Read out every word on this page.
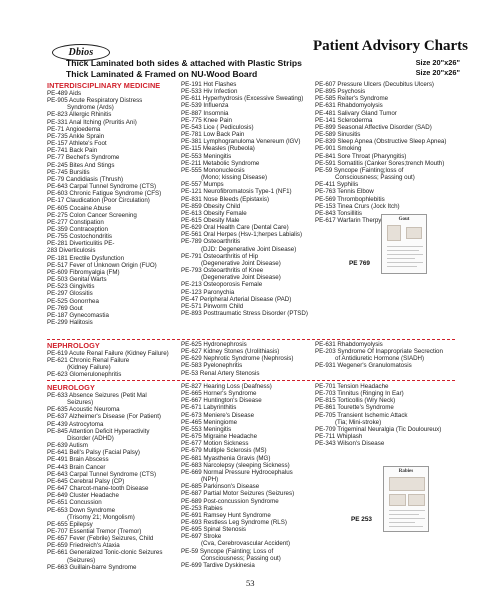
Dbios
Thick Laminated both sides & attached with Plastic Strips
Thick Laminated & Framed on NU-Wood Board
Patient Advisory Charts
Size 20"x26"
Size 20"x26"
INTERDISCIPLINARY MEDICINE
PE-489 Aids
PE-905 Acute Respiratory Distress
Syndrome (Ards)
PE-823 Allergic Rhinitis
PE-331 Anal Itching (Pruritis Ani)
PE-71 Angioedema
PE-735 Ankle Sprain
PE-157 Athlete's Foot
PE-741 Back Pain
PE-77 Bechet's Syndrome
PE-245 Bites And Stings
PE-745 Bursitis
PE-79 Candidiasis (Thrush)
PE-643 Carpal Tunnel Syndrome (CTS)
PE-603 Chronic Fatigue Syndrome (CFS)
PE-17 Claudication (Poor Circulation)
PE-605 Cocaine Abuse
PE-275 Colon Cancer Screening
PE-277 Constipation
PE-359 Contraception
PE-755 Costochondritis
PE-281 Diverticulitis PE-
283 Diverticulosis
PE-181 Erectile Dysfunction
PE-517 Fever of Unknown Origin (FUO)
PE-609 Fibromyalgia (FM)
PE-503 Genital Warts
PE-523 Gingivitis
PE-297 Glossitis
PE-525 Gonorrhea
PE-769 Gout
PE-187 Gynecomastia
PE-299 Halitosis
PE-191 Hot Flashes
PE-533 Hiv Infection
PE-611 Hyperhydrosis (Excessive Sweating)
PE-539 Influenza
PE-887 Insomnia
PE-775 Knee Pain
PE-543 Lice ( Pediculosis)
PE-781 Low Back Pain
PE-381 Lymphogranuloma Venereum (lGV)
PE-115 Measles (Rubeola)
PE-553 Meningitis
PE-211 Metabolic Syndrome
PE-555 Mononucleosis
(Mono; kissing Disease)
PE-557 Mumps
PE-121 Neurofibromatosis Type-1 (NF1)
PE-831 Nose Bleeds (Epistaxis)
PE-859 Obesity Child
PE-613 Obesity Female
PE-615 Obesity Male
PE-629 Oral Health Care (Dental Care)
PE-561 Oral Herpes (Hsv-1;herpes Labialis)
PE-789 Osteoarthritis
(DJD: Degenerative Joint Disease)
PE-791 Osteoarthritis of Hip
(Degenerative Joint Disease)
PE-793 Osteoarthritis of Knee
(Degenerative Joint Disease)
PE-213 Osteoporosis Female
PE-123 Paronychia
PE-47 Peripheral Arterial Disease (PAD)
PE-571 Pinworm Child
PE-893 Posttraumatic Stress Disorder (PTSD)
PE-607 Pressure Ulcers (Decubitus Ulcers)
PE-895 Psychosis
PE-585 Reiter's Syndrome
PE-631 Rhabdomyolysis
PE-481 Salivary Gland Tumor
PE-141 Scleroderma
PE-899 Seasonal Affective Disorder (SAD)
PE-589 Sinusitis
PE-839 Sleep Apnea (Obstructive Sleep Apnea)
PE-901 Smoking
PE-841 Sore Throat (Pharyngitis)
PE-591 Somatitis (Canker Sores;trench Mouth)
PE-59 Syncope (Fainting;loss of
Consciousness; Passing out)
PE-411 Syphilis
PE-763 Tennis Elbow
PE-569 Thrombophlebitis
PE-153 Tinea Crurs (Jock Itch)
PE-843 Tonsillitis
PE-617 Warfarin Therpy	Gout
PE 769
NEPHROLOGY
PE-619 Acute Renal Failure (Kidney Failure)
PE-621 Chronic Renal Failure
(Kidney Failure)
PE-623 Glomerulonephritis
PE-625 Hydronephrosis
PE-627 Kidney Stones (Urolithiasis)
PE-629 Nephrotic Syndrome (Nephrosis)
PE-583 Pyelonephritis
PE-53 Renal Artery Stenosis
PE-631 Rhabdomyolysis
PE-203 Syndrome Of Inappropriate Secrection
of Antidiuretic Hormone (SIADH)
PE-931 Wegener's Granulomatosis
NEUROLOGY
PE-633 Absence Seizures (Petit Mal
Seizures)
PE-635 Acoustic Neuroma
PE-637 Alzheimer's Disease (For Patient)
PE-439 Astrocytoma
PE-845 Attention Deficit Hyperactivity
Disorder (ADHD)
PE-639 Autism
PE-641 Bell's Palsy (Facial Palsy)
PE-491 Brain Abscess
PE-443 Brain Cancer
PE-643 Carpal Tunnel Syndrome (CTS)
PE-645 Cerebral Palsy (CP)
PE-647 Charcot-mane-tooth Disease
PE-649 Cluster Headache
PE-651 Concussion
PE-653 Down Syndrome
(Trisomy 21; Mongolism)
PE-655 Epilepsy
PE-707 Essential Tremor (Tremor)
PE-657 Fever (Febrile) Seizures, Child
PE-659 Friedreich's Ataxia
PE-661 Generalized Tonic-clonic Seizures
(Seizures)
PE-663 Guillain-barre Syndrome
PE-827 Hearing Loss (Deafness)
PE-665 Horner's Syndrome
PE-667 Huntington's Disease
PE-671 Labyrinthitis
PE-673 Meniere's Disease
PE-465 Meningiome
PE-553 Meningitis
PE-675 Migraine Headache
PE-677 Motion Sickness
PE-679 Multiple Sclerosis (MS)
PE-681 Myasthenia Gravis (MG)
PE-683 Narcolepsy (sleeping Sickness)
PE-669 Normal Pressure Hydrocephalus
(NPH)
PE-685 Parkinson's Disease
PE-687 Partial Motor Seizures (Seizures)
PE-689 Post-concussion Syndrome
PE-253 Rabies
PE-691 Ramsey Hunt Syndrome
PE-693 Restless Leg Syndrome (RLS)
PE-695 Spinal Stenosis
PE-697 Stroke
(Cva, Cerebrovascular Accident)
PE-59 Syncope (Fainting; Loss of
Consciousness; Passing out)
PE-699 Tardive Dyskinesia
PE-701 Tension Headache
PE-703 Tinnitus (Ringing In Ear)
PE-815 Torticollis (Wry Neck)
PE-861 Tourette's Syndrome
PE-705 Transient Ischemic Attack
(Tia; Mini-stroke)
PE-709 Trigeminal Neuralgia (Tic Douloureux)
PE-711 Whiplash
PE-343 Wilson's Disease
Rabies
PE 253
53
